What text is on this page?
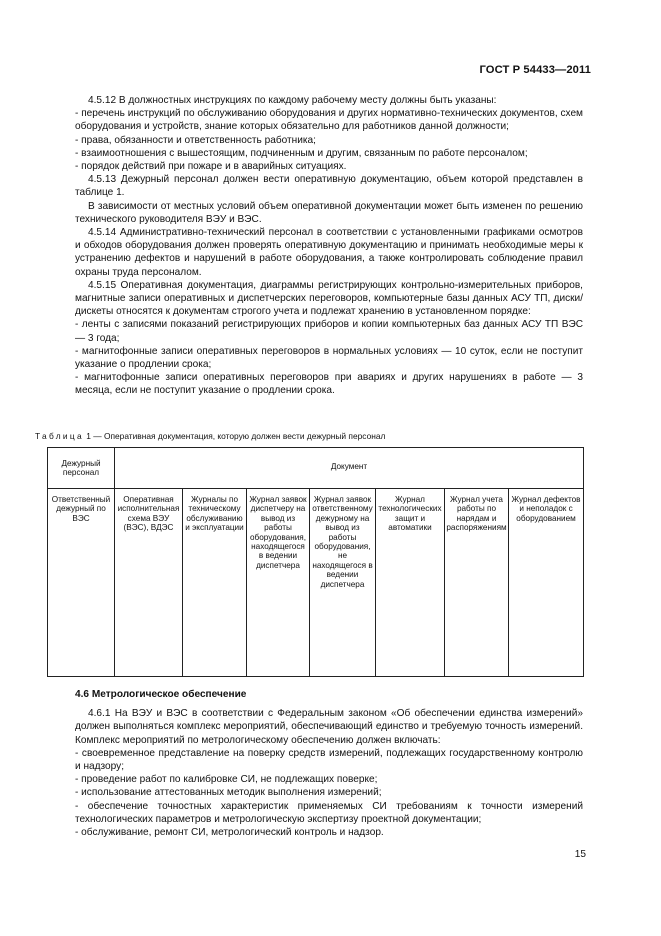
ГОСТ Р 54433—2011

4.5.12 В должностных инструкциях по каждому рабочему месту должны быть указаны:

- перечень инструкций по обслуживанию оборудования и других нормативно-технических документов, схем оборудования и устройств, знание которых обязательно для работников данной должности;

- права, обязанности и ответственность работника;

- взаимоотношения с вышестоящим, подчиненным и другим, связанным по работе персоналом;

- порядок действий при пожаре и в аварийных ситуациях.

4.5.13 Дежурный персонал должен вести оперативную документацию, объем которой представлен в таблице 1.

В зависимости от местных условий объем оперативной документации может быть изменен по решению технического руководителя ВЭУ и ВЭС.

4.5.14 Административно-технический персонал в соответствии с установленными графиками осмотров и обходов оборудования должен проверять оперативную документацию и принимать необходимые меры к устранению дефектов и нарушений в работе оборудования, а также контролировать соблюдение правил охраны труда персоналом.

4.5.15 Оперативная документация, диаграммы регистрирующих контрольно-измерительных приборов, магнитные записи оперативных и диспетчерских переговоров, компьютерные базы данных АСУ ТП, диски/дискеты относятся к документам строгого учета и подлежат хранению в установленном порядке:

- ленты с записями показаний регистрирующих приборов и копии компьютерных баз данных АСУ ТП ВЭС — 3 года;

- магнитофонные записи оперативных переговоров в нормальных условиях — 10 суток, если не поступит указание о продлении срока;

- магнитофонные записи оперативных переговоров при авариях и других нарушениях в работе — 3 месяца, если не поступит указание о продлении срока.

Таблица 1 — Оперативная документация, которую должен вести дежурный персонал
Дежурный персонал	Документ						
Ответственный дежурный по ВЭС	Оперативная исполнительная схема ВЭУ (ВЭС), ВДЭС	Журналы по техническому обслуживанию и эксплуатации	Журнал заявок диспетчеру на вывод из работы оборудования, находящегося в ведении диспетчера	Журнал заявок ответственному дежурному на вывод из работы оборудования, не находящегося в ведении диспетчера	Журнал технологических защит и автоматики	Журнал учета работы по нарядам и распоряжениям	Журнал дефектов и неполадок с оборудованием
4.6 Метрологическое обеспечение

4.6.1 На ВЭУ и ВЭС в соответствии с Федеральным законом «Об обеспечении единства измерений» должен выполняться комплекс мероприятий, обеспечивающий единство и требуемую точность измерений. Комплекс мероприятий по метрологическому обеспечению должен включать:

- своевременное представление на поверку средств измерений, подлежащих государственному контролю и надзору;

- проведение работ по калибровке СИ, не подлежащих поверке;

- использование аттестованных методик выполнения измерений;

- обеспечение точностных характеристик применяемых СИ требованиям к точности измерений технологических параметров и метрологическую экспертизу проектной документации;

- обслуживание, ремонт СИ, метрологический контроль и надзор.

15
